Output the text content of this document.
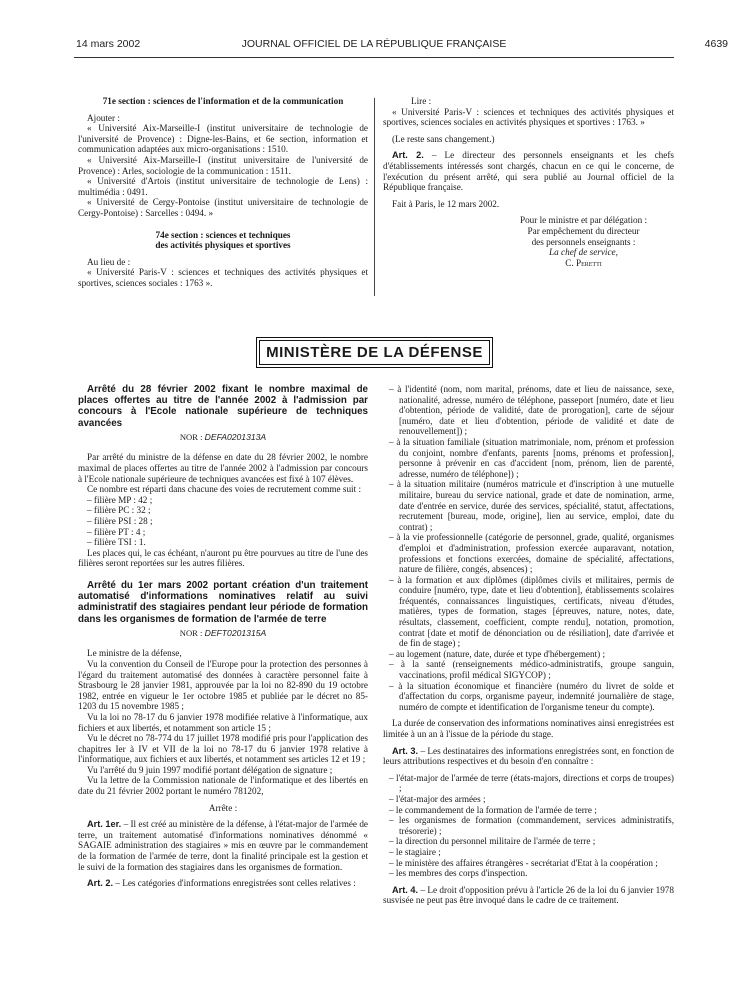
14 mars 2002	JOURNAL OFFICIEL DE LA RÉPUBLIQUE FRANÇAISE	4639

71e section : sciences de l'information et de la communication

Ajouter :

« Université Aix-Marseille-I (institut universitaire de technologie de l'université de Provence) : Digne-les-Bains, et 6e section, information et communication adaptées aux micro-organisations : 1510.

« Université Aix-Marseille-I (institut universitaire de l'université de Provence) : Arles, sociologie de la communication : 1511.

« Université d'Artois (institut universitaire de technologie de Lens) : multimédia : 0491.

« Université de Cergy-Pontoise (institut universitaire de technologie de Cergy-Pontoise) : Sarcelles : 0494. »

74e section : sciences et techniques

des activités physiques et sportives

Au lieu de :

« Université Paris-V : sciences et techniques des activités physiques et sportives, sciences sociales : 1763 ».

Lire :

« Université Paris-V : sciences et techniques des activités physiques et sportives, sciences sociales en activités physiques et sportives : 1763. »

(Le reste sans changement.)

Art. 2. – Le directeur des personnels enseignants et les chefs d'établissements intéressés sont chargés, chacun en ce qui le concerne, de l'exécution du présent arrêté, qui sera publié au Journal officiel de la République française.

Fait à Paris, le 12 mars 2002.

Pour le ministre et par délégation :

Par empêchement du directeur

des personnels enseignants :

La chef de service,

C. Peretti

MINISTÈRE DE LA DÉFENSE

Arrêté du 28 février 2002 fixant le nombre maximal de places offertes au titre de l'année 2002 à l'admission par concours à l'Ecole nationale supérieure de techniques avancées

NOR : DEFA0201313A

Par arrêté du ministre de la défense en date du 28 février 2002, le nombre maximal de places offertes au titre de l'année 2002 à l'admission par concours à l'Ecole nationale supérieure de techniques avancées est fixé à 107 élèves.

Ce nombre est réparti dans chacune des voies de recrutement comme suit :

– filière MP : 42 ;

– filière PC : 32 ;

– filière PSI : 28 ;

– filière PT : 4 ;

– filière TSI : 1.

Les places qui, le cas échéant, n'auront pu être pourvues au titre de l'une des filières seront reportées sur les autres filières.

Arrêté du 1er mars 2002 portant création d'un traitement automatisé d'informations nominatives relatif au suivi administratif des stagiaires pendant leur période de formation dans les organismes de formation de l'armée de terre

NOR : DEFT0201315A

Le ministre de la défense,

Vu la convention du Conseil de l'Europe pour la protection des personnes à l'égard du traitement automatisé des données à caractère personnel faite à Strasbourg le 28 janvier 1981, approuvée par la loi no 82-890 du 19 octobre 1982, entrée en vigueur le 1er octobre 1985 et publiée par le décret no 85-1203 du 15 novembre 1985 ;

Vu la loi no 78-17 du 6 janvier 1978 modifiée relative à l'informatique, aux fichiers et aux libertés, et notamment son article 15 ;

Vu le décret no 78-774 du 17 juillet 1978 modifié pris pour l'application des chapitres Ier à IV et VII de la loi no 78-17 du 6 janvier 1978 relative à l'informatique, aux fichiers et aux libertés, et notamment ses articles 12 et 19 ;

Vu l'arrêté du 9 juin 1997 modifié portant délégation de signature ;

Vu la lettre de la Commission nationale de l'informatique et des libertés en date du 21 février 2002 portant le numéro 781202,

Arrête :

Art. 1er. – Il est créé au ministère de la défense, à l'état-major de l'armée de terre, un traitement automatisé d'informations nominatives dénommé « SAGAIE administration des stagiaires » mis en œuvre par le commandement de la formation de l'armée de terre, dont la finalité principale est la gestion et le suivi de la formation des stagiaires dans les organismes de formation.

Art. 2. – Les catégories d'informations enregistrées sont celles relatives :

– à l'identité (nom, nom marital, prénoms, date et lieu de naissance, sexe, nationalité, adresse, numéro de téléphone, passeport [numéro, date et lieu d'obtention, période de validité, date de prorogation], carte de séjour [numéro, date et lieu d'obtention, période de validité et date de renouvellement]) ;

– à la situation familiale (situation matrimoniale, nom, prénom et profession du conjoint, nombre d'enfants, parents [noms, prénoms et profession], personne à prévenir en cas d'accident [nom, prénom, lien de parenté, adresse, numéro de téléphone]) ;

– à la situation militaire (numéros matricule et d'inscription à une mutuelle militaire, bureau du service national, grade et date de nomination, arme, date d'entrée en service, durée des services, spécialité, statut, affectations, recrutement [bureau, mode, origine], lien au service, emploi, date du contrat) ;

– à la vie professionnelle (catégorie de personnel, grade, qualité, organismes d'emploi et d'administration, profession exercée auparavant, notation, professions et fonctions exercées, domaine de spécialité, affectations, nature de filière, congés, absences) ;

– à la formation et aux diplômes (diplômes civils et militaires, permis de conduire [numéro, type, date et lieu d'obtention], établissements scolaires fréquentés, connaissances linguistiques, certificats, niveau d'études, matières, types de formation, stages [épreuves, nature, notes, date, résultats, classement, coefficient, compte rendu], notation, promotion, contrat [date et motif de dénonciation ou de résiliation], date d'arrivée et de fin de stage) ;

– au logement (nature, date, durée et type d'hébergement) ;

– à la santé (renseignements médico-administratifs, groupe sanguin, vaccinations, profil médical SIGYCOP) ;

– à la situation économique et financière (numéro du livret de solde et d'affectation du corps, organisme payeur, indemnité journalière de stage, numéro de compte et identification de l'organisme teneur du compte).

La durée de conservation des informations nominatives ainsi enregistrées est limitée à un an à l'issue de la période du stage.

Art. 3. – Les destinataires des informations enregistrées sont, en fonction de leurs attributions respectives et du besoin d'en connaître :

– l'état-major de l'armée de terre (états-majors, directions et corps de troupes) ;

– l'état-major des armées ;

– le commandement de la formation de l'armée de terre ;

– les organismes de formation (commandement, services administratifs, trésorerie) ;

– la direction du personnel militaire de l'armée de terre ;

– le stagiaire ;

– le ministère des affaires étrangères - secrétariat d'Etat à la coopération ;

– les membres des corps d'inspection.

Art. 4. – Le droit d'opposition prévu à l'article 26 de la loi du 6 janvier 1978 susvisée ne peut pas être invoqué dans le cadre de ce traitement.
